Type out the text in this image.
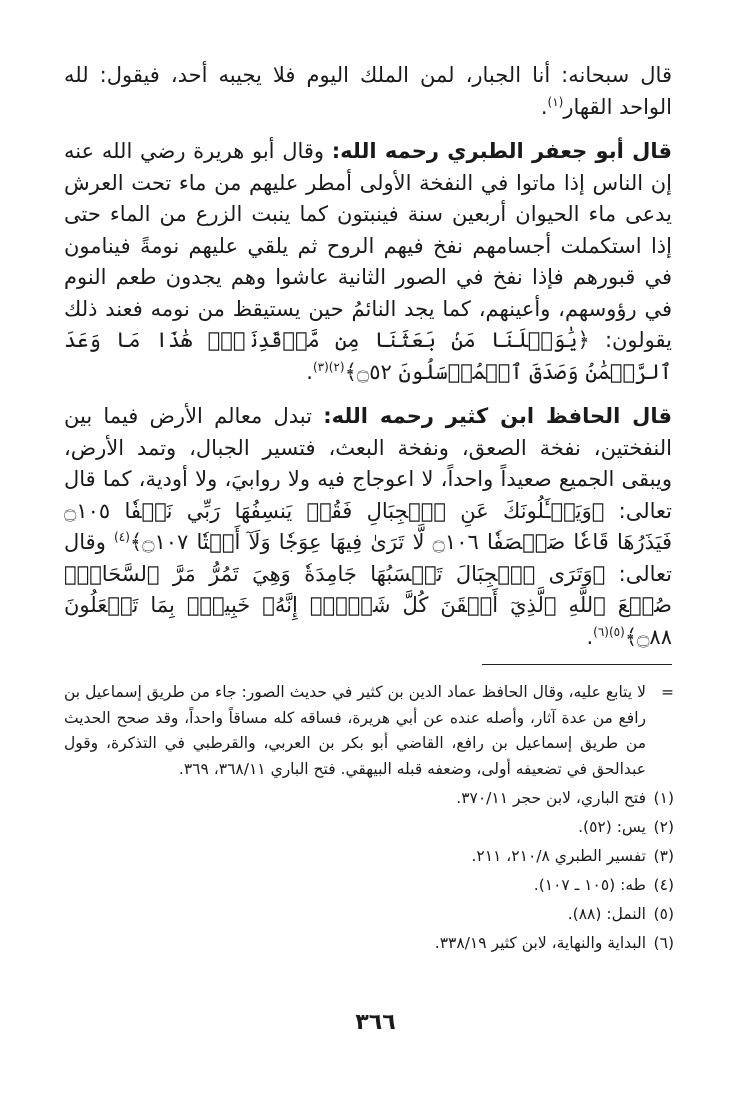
قال سبحانه: أنا الجبار، لمن الملك اليوم فلا يجيبه أحد، فيقول: لله الواحد القهار$^{(١)}$.

قال أبو جعفر الطبري رحمه الله: وقال أبو هريرة رضي الله عنه إن الناس إذا ماتوا في النفخة الأولى أمطر عليهم من ماء تحت العرش يدعى ماء الحيوان أربعين سنة فينبتون كما ينبت الزرع من الماء حتى إذا استكملت أجسامهم نفخ فيهم الروح ثم يلقي عليهم نومةً فينامون في قبورهم فإذا نفخ في الصور الثانية عاشوا وهم يجدون طعم النوم في رؤوسهم، وأعينهم، كما يجد النائمُ حين يستيقظ من نومه فعند ذلك يقولون: ﴿يَٰوَيۡلَنَا مَنۢ بَعَثَنَا مِن مَّرۡقَدِنَاۜۗ هَٰذَا مَا وَعَدَ ٱلرَّحۡمَٰنُ وَصَدَقَ ٱلۡمُرۡسَلُونَ ۝٥٢﴾$^{(٢)(٣)}$.

قال الحافظ ابن كثير رحمه الله: تبدل معالم الأرض فيما بين النفختين، نفخة الصعق، ونفخة البعث، فتسير الجبال، وتمد الأرض، ويبقى الجميع صعيداً واحداً، لا اعوجاج فيه ولا روابيَ، ولا أودية، كما قال تعالى: ﴿وَيَسۡـَٔلُونَكَ عَنِ ٱلۡجِبَالِ فَقُلۡ يَنسِفُهَا رَبِّي نَسۡفٗا ۝١٠٥ فَيَذَرُهَا قَاعٗا صَفۡصَفٗا ۝١٠٦ لَّا تَرَىٰ فِيهَا عِوَجٗا وَلَآ أَمۡتٗا ۝١٠٧﴾$^{(٤)}$ وقال تعالى: ﴿وَتَرَى ٱلۡجِبَالَ تَحۡسَبُهَا جَامِدَةٗ وَهِيَ تَمُرُّ مَرَّ ٱلسَّحَابِۚ صُنۡعَ ٱللَّهِ ٱلَّذِيٓ أَتۡقَنَ كُلَّ شَيۡءٍۚ إِنَّهُۥ خَبِيرُۢ بِمَا تَفۡعَلُونَ ۝٨٨﴾$^{(٥)(٦)}$.

=
لا يتابع عليه، وقال الحافظ عماد الدين بن كثير في حديث الصور: جاء من طريق إسماعيل بن رافع من عدة آثار، وأصله عنده عن أبي هريرة، فساقه كله مساقاً واحداً، وقد صحح الحديث من طريق إسماعيل بن رافع، القاضي أبو بكر بن العربي، والقرطبي في التذكرة، وقول عبدالحق في تضعيفه أولى، وضعفه قبله البيهقي. فتح الباري ٣٦٨/١١، ٣٦٩.
(١)
فتح الباري، لابن حجر ٣٧٠/١١.
(٢)
يس: (٥٢).
(٣)
تفسير الطبري ٢١٠/٨، ٢١١.
(٤)
طه: (١٠٥ ـ ١٠٧).
(٥)
النمل: (٨٨).
(٦)
البداية والنهاية، لابن كثير ٣٣٨/١٩.
٣٦٦
